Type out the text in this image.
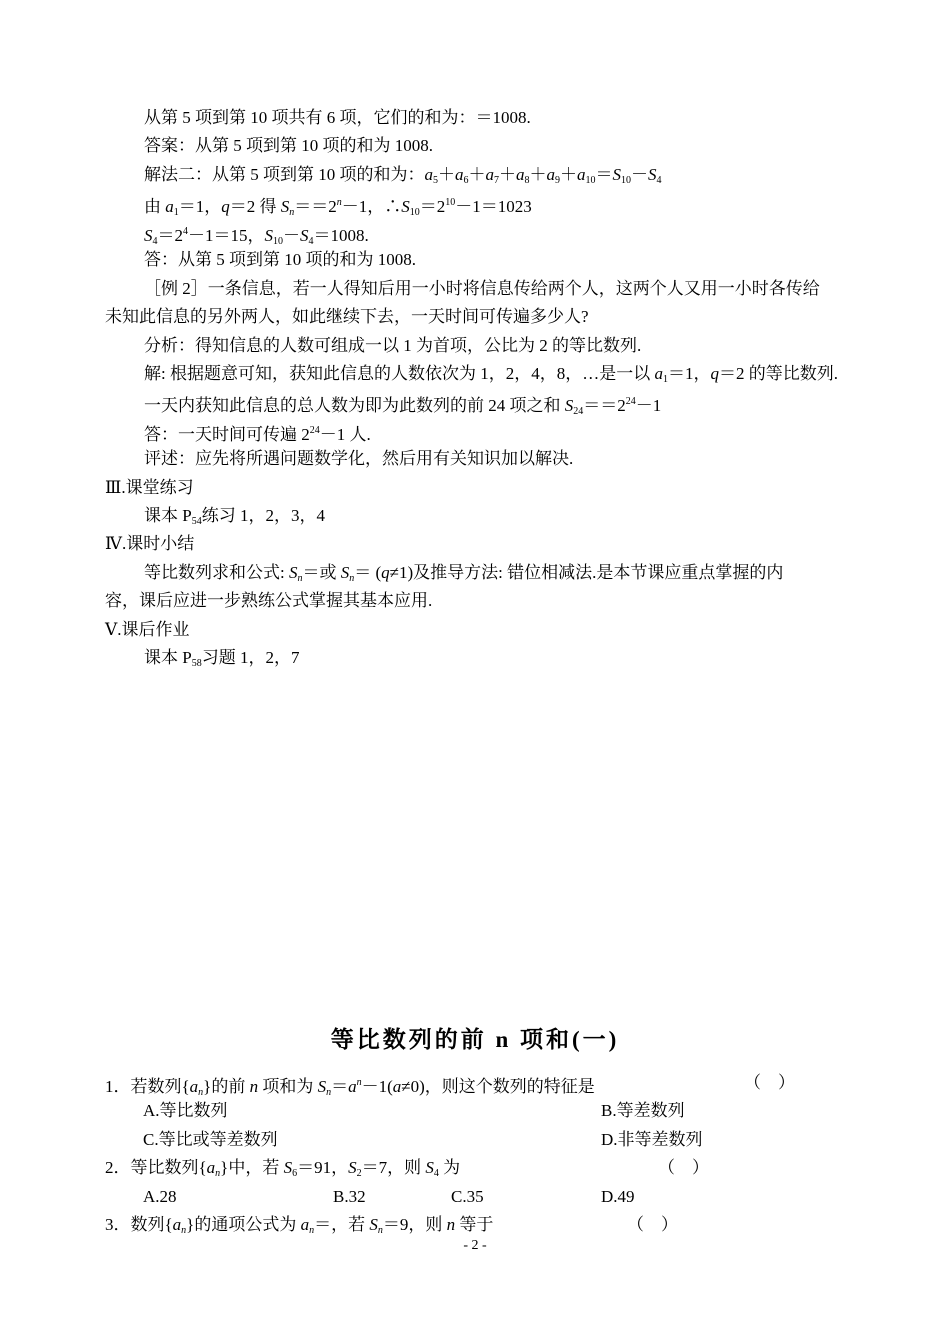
从第 5 项到第 10 项共有 6 项，它们的和为：＝1008.
答案：从第 5 项到第 10 项的和为 1008.
解法二：从第 5 项到第 10 项的和为：$a_5+a_6+a_7+a_8+a_9+a_{10}=S_{10}-S_4$
由 $a_1=1$，q＝2 得 $S_n==2^n-1$，$\therefore S_{10}=2^{10}-1=1023$
$S_4=2^4-1=15$，$S_{10}-S_4=1008$.
答：从第 5 项到第 10 项的和为 1008.
［例 2］一条信息，若一人得知后用一小时将信息传给两个人，这两个人又用一小时各传给
未知此信息的另外两人，如此继续下去，一天时间可传遍多少人?
分析：得知信息的人数可组成一以 1 为首项，公比为 2 的等比数列.
解: 根据题意可知，获知此信息的人数依次为 1，2，4，8，…是一以 $a_1=1$，q＝2 的等比数列.
一天内获知此信息的总人数为即为此数列的前 24 项之和 $S_{24}==2^{24}-1$
答：一天时间可传遍 $2^{24}-1$ 人.
评述：应先将所遇问题数学化，然后用有关知识加以解决.
Ⅲ.课堂练习
课本 $P_{54}$练习 1，2，3，4
Ⅳ.课时小结
等比数列求和公式: $S_n=$或 $S_n= (q\ne 1)$及推导方法: 错位相减法.是本节课应重点掌握的内
容，课后应进一步熟练公式掌握其基本应用.
Ⅴ.课后作业
课本 $P_{58}$习题 1，2，7
等比数列的前 n 项和(一)
1．若数列$\{a_n\}$的前 n 项和为 $S_n=a^n-1(a\ne 0)$，则这个数列的特征是	（    ）
A.等比数列	B.等差数列
C.等比或等差数列	D.非等差数列
2．等比数列$\{a_n\}$中，若 $S_6=91$，$S_2=7$，则 $S_4$ 为	（    ）
A.28	B.32	C.35	D.49
3．数列$\{a_n\}$的通项公式为 $a_n=$，若 $S_n=9$，则 n 等于	（    ）
- 2 -
